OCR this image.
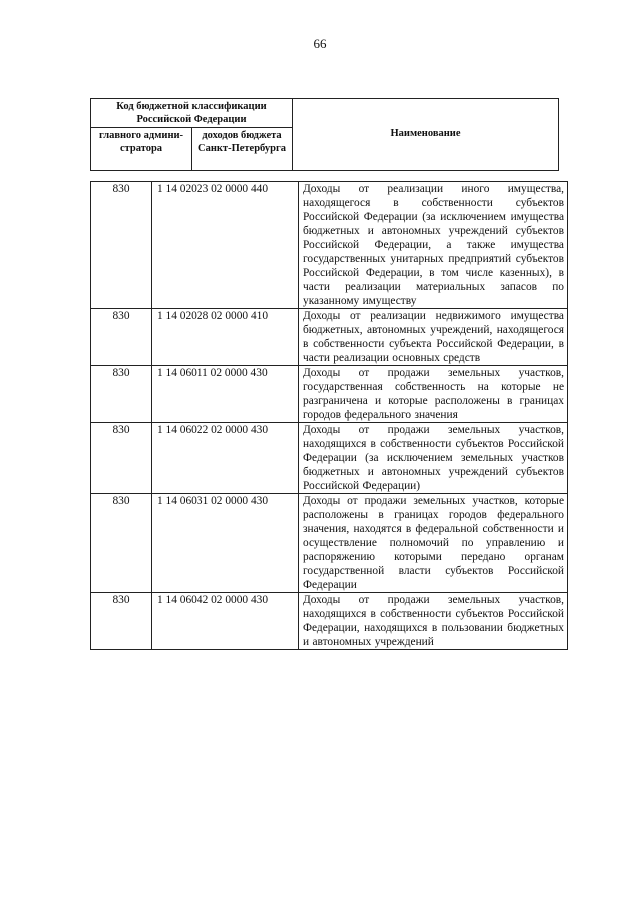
66
Код бюджетной классификации Российской Федерации		Наименование
главного админи-стратора	доходов бюджета Санкт-Петербурга	
830	1 14 02023 02 0000 440	Доходы от реализации иного имущества, находящегося в собственности субъектов Российской Федерации (за исключением имущества бюджетных и автономных учреждений субъектов Российской Федерации, а также имущества государственных унитарных предприятий субъектов Российской Федерации, в том числе казенных), в части реализации материальных запасов по указанному имуществу
830	1 14 02028 02 0000 410	Доходы от реализации недвижимого имущества бюджетных, автономных учреждений, находящегося в собственности субъекта Российской Федерации, в части реализации основных средств
830	1 14 06011 02 0000 430	Доходы от продажи земельных участков, государственная собственность на которые не разграничена и которые расположены в границах городов федерального значения
830	1 14 06022 02 0000 430	Доходы от продажи земельных участков, находящихся в собственности субъектов Российской Федерации (за исключением земельных участков бюджетных и автономных учреждений субъектов Российской Федерации)
830	1 14 06031 02 0000 430	Доходы от продажи земельных участков, которые расположены в границах городов федерального значения, находятся в федеральной собственности и осуществление полномочий по управлению и распоряжению которыми передано органам государственной власти субъектов Российской Федерации
830	1 14 06042 02 0000 430	Доходы от продажи земельных участков, находящихся в собственности субъектов Российской Федерации, находящихся в пользовании бюджетных и автономных учреждений
